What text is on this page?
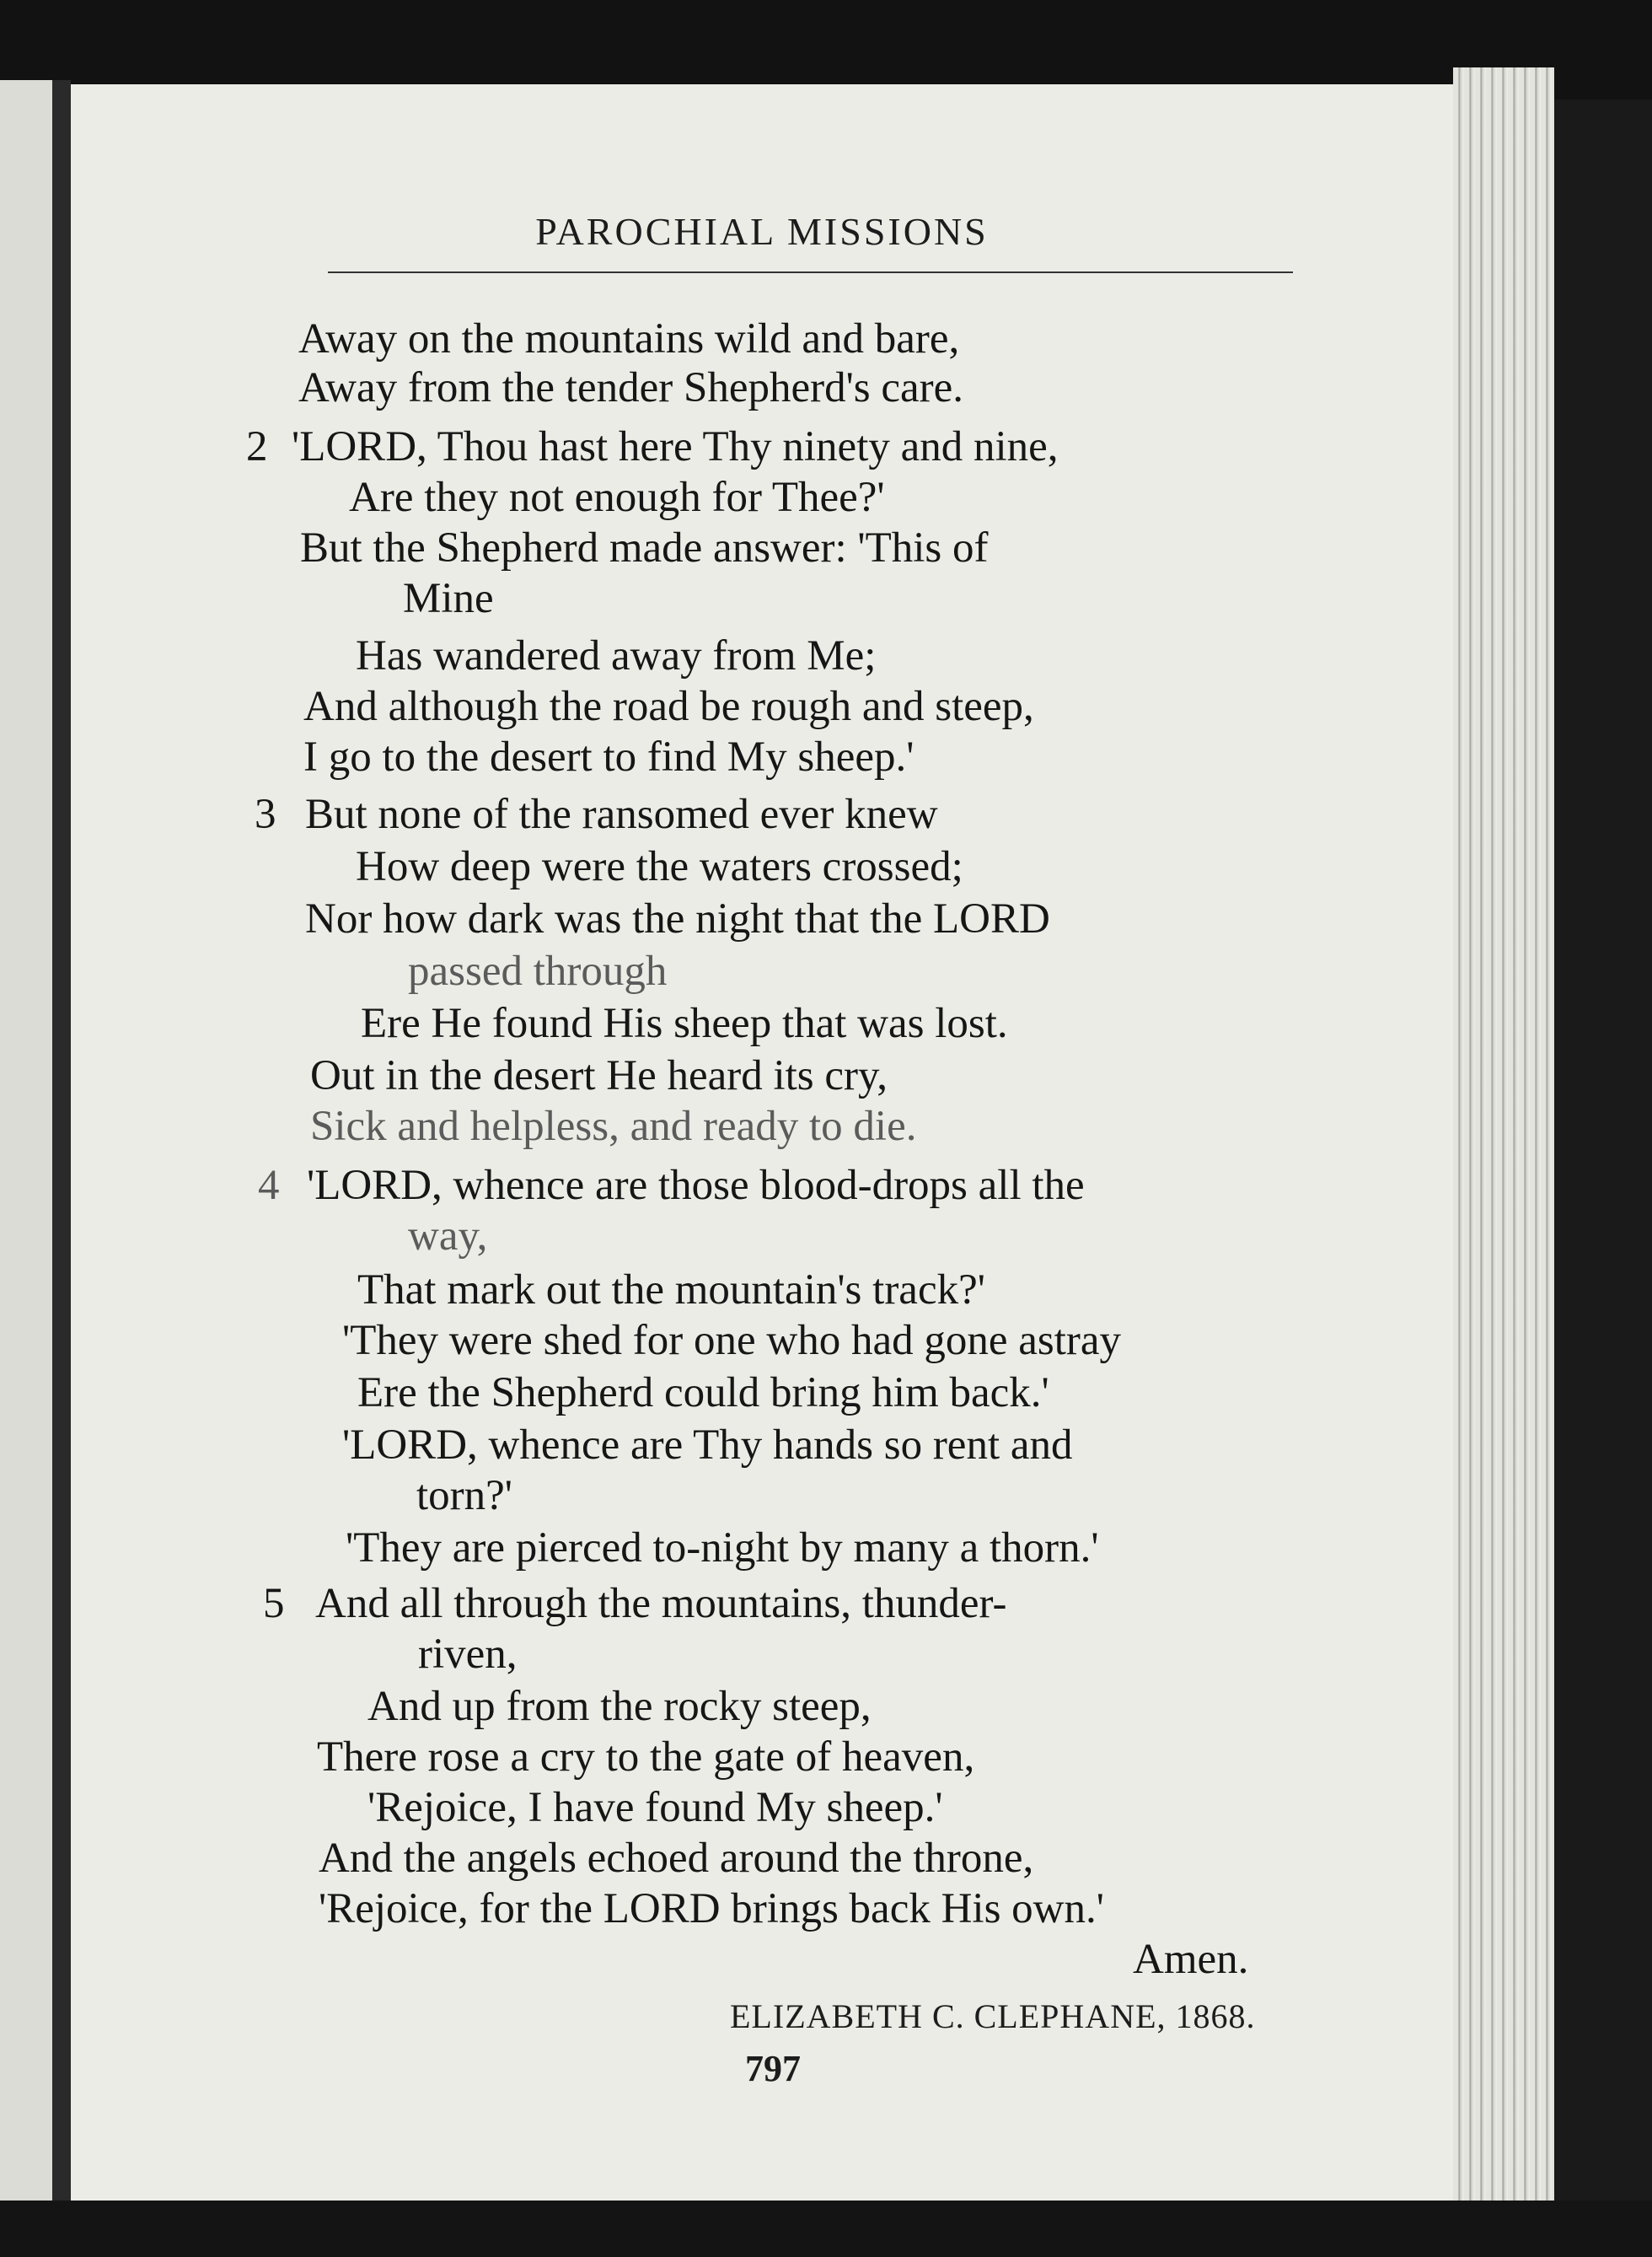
PAROCHIAL MISSIONS
Away on the mountains wild and bare,
Away from the tender Shepherd's care.
2 'LORD, Thou hast here Thy ninety and nine,
Are they not enough for Thee?'
But the Shepherd made answer: 'This of
Mine
Has wandered away from Me;
And although the road be rough and steep,
I go to the desert to find My sheep.'
3 But none of the ransomed ever knew
How deep were the waters crossed;
Nor how dark was the night that the LORD
passed through
Ere He found His sheep that was lost.
Out in the desert He heard its cry,
Sick and helpless, and ready to die.
4 'LORD, whence are those blood-drops all the
way,
That mark out the mountain's track?'
'They were shed for one who had gone astray
Ere the Shepherd could bring him back.'
'LORD, whence are Thy hands so rent and
torn?'
'They are pierced to-night by many a thorn.'
5 And all through the mountains, thunder-
riven,
And up from the rocky steep,
There rose a cry to the gate of heaven,
'Rejoice, I have found My sheep.'
And the angels echoed around the throne,
'Rejoice, for the LORD brings back His own.'
Amen.
ELIZABETH C. CLEPHANE, 1868.
797
